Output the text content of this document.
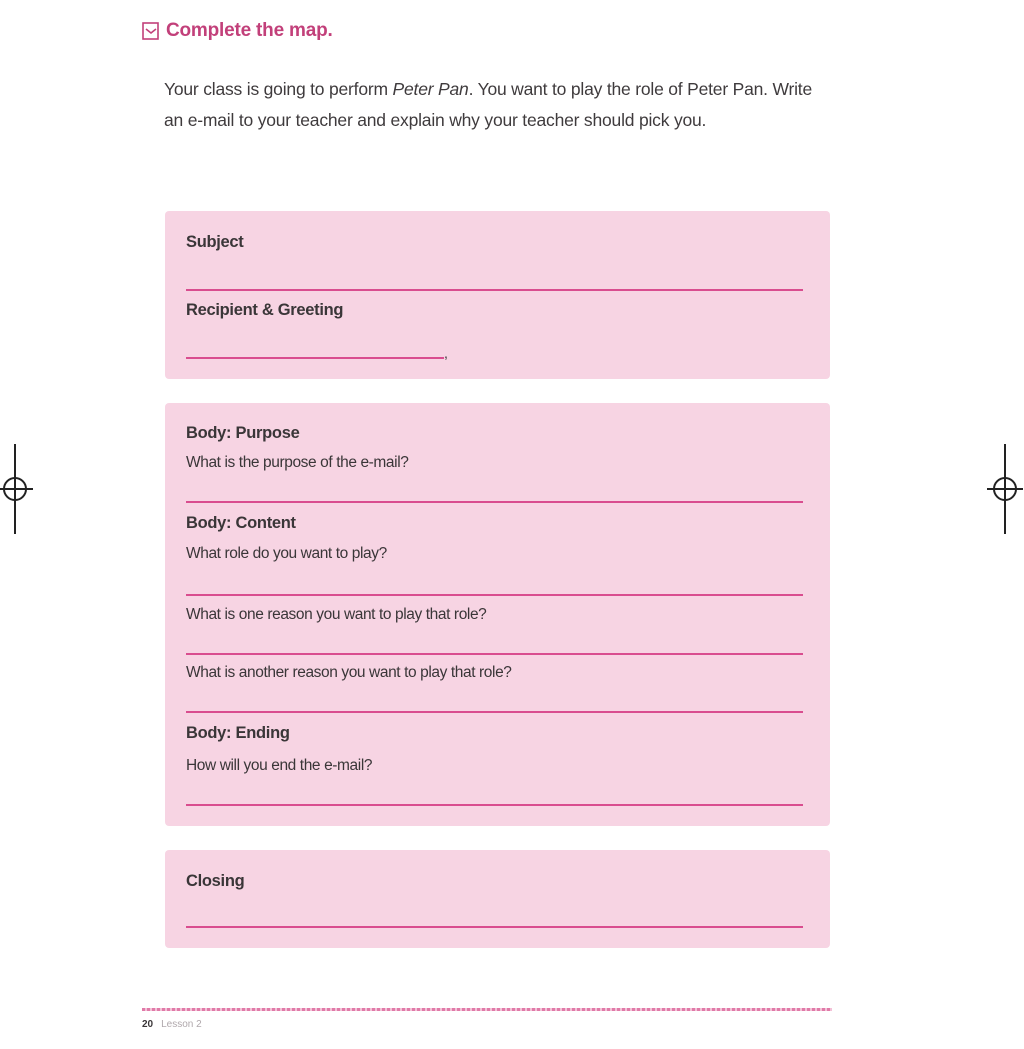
Complete the map.

Your class is going to perform Peter Pan. You want to play the role of Peter Pan. Write an e-mail to your teacher and explain why your teacher should pick you.

Subject
Recipient & Greeting
,
Body: Purpose
What is the purpose of the e-mail?
Body: Content
What role do you want to play?
What is one reason you want to play that role?
What is another reason you want to play that role?
Body: Ending
How will you end the e-mail?
Closing
20 Lesson 2
